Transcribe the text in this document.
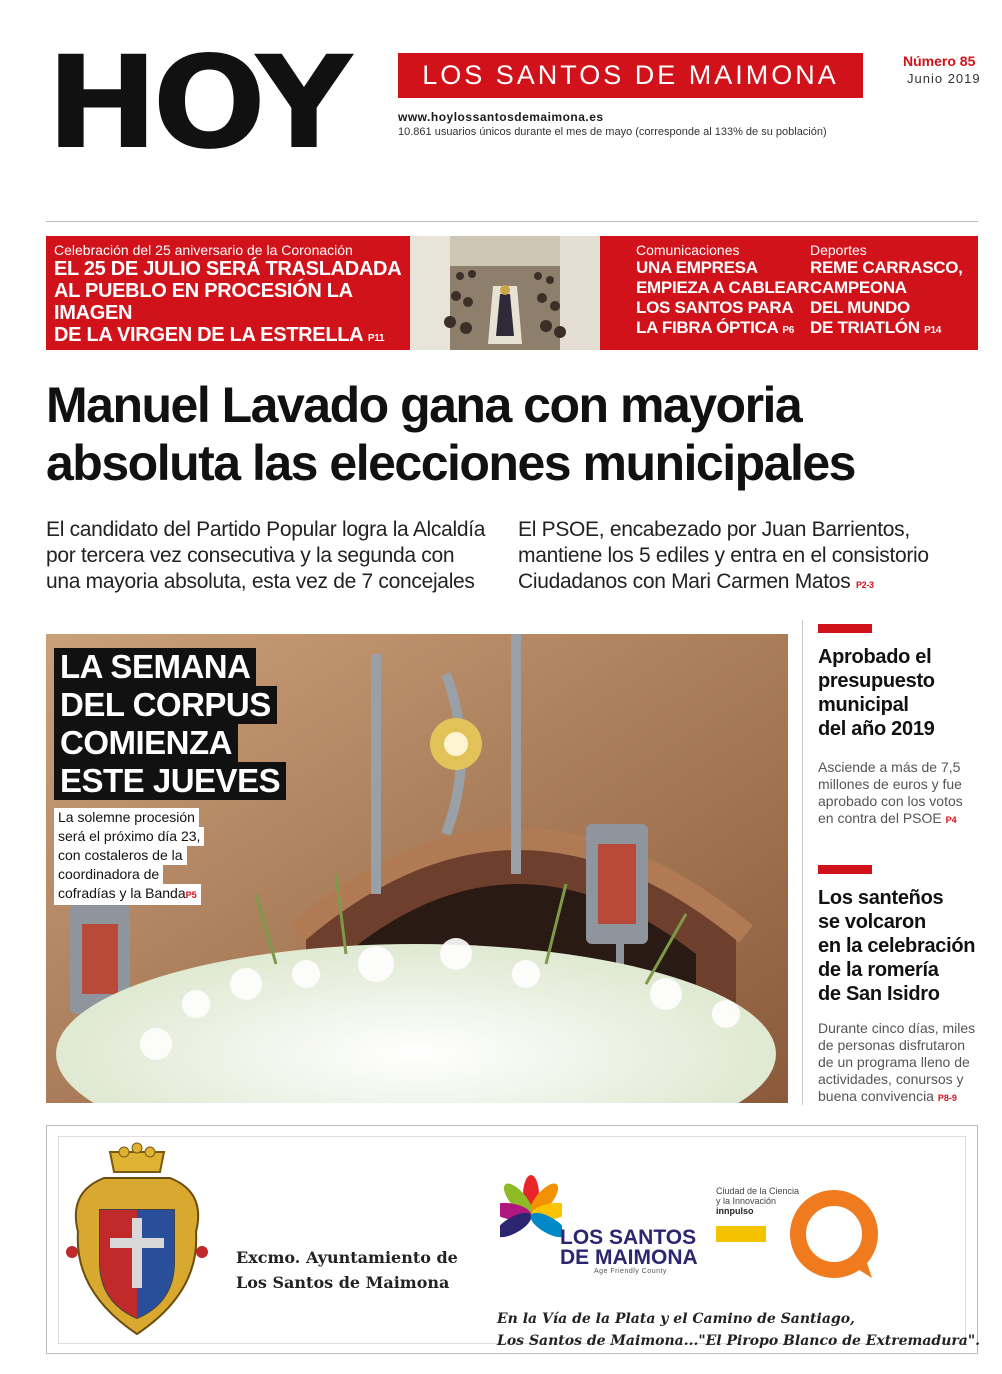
HOY	LOS SANTOS DE MAIMONA	Número 85
Junio 2019
www.hoylossantosdemaimona.es
10.861 usuarios únicos durante el mes de mayo (corresponde al 133% de su población)
Celebración del 25 aniversario de la Coronación
EL 25 DE JULIO SERÁ TRASLADADA
AL PUEBLO EN PROCESIÓN LA IMAGEN
DE LA VIRGEN DE LA ESTRELLA P11
Comunicaciones
UNA EMPRESA
EMPIEZA A CABLEAR
LOS SANTOS PARA
LA FIBRA ÓPTICA P6
Deportes
REME CARRASCO,
CAMPEONA
DEL MUNDO
DE TRIATLÓN P14
Manuel Lavado gana con mayoria
absoluta las elecciones municipales
El candidato del Partido Popular logra la Alcaldía
por tercera vez consecutiva y la segunda con
una mayoria absoluta, esta vez de 7 concejales
El PSOE, encabezado por Juan Barrientos,
mantiene los 5 ediles y entra en el consistorio
Ciudadanos con Mari Carmen Matos P2-3
LA SEMANA
DEL CORPUS
COMIENZA
ESTE JUEVES
La solemne procesión
será el próximo día 23,
con costaleros de la
coordinadora de
cofradías y la BandaP5
Aprobado el
presupuesto
municipal
del año 2019
Asciende a más de 7,5
millones de euros y fue
aprobado con los votos
en contra del PSOE P4
Los santeños
se volcaron
en la celebración
de la romería
de San Isidro
Durante cinco días, miles
de personas disfrutaron
de un programa lleno de
actividades, conursos y
buena convivencia P8-9
Excmo. Ayuntamiento de
Los Santos de Maimona
LOS SANTOS
DE MAIMONA
Age Friendly County
Ciudad de la Ciencia
y la Innovación
innpulso
En la Vía de la Plata y el Camino de Santiago,
Los Santos de Maimona..."El Piropo Blanco de Extremadura".
